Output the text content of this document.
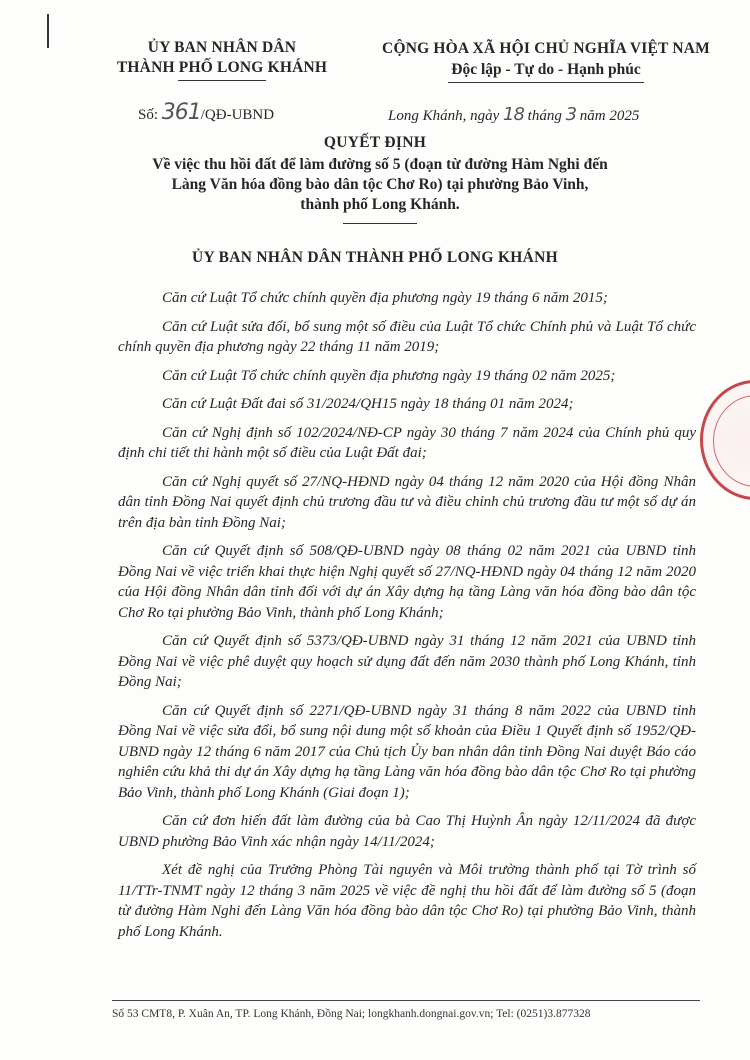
ỦY BAN NHÂN DÂN
THÀNH PHỐ LONG KHÁNH
CỘNG HÒA XÃ HỘI CHỦ NGHĨA VIỆT NAM
Độc lập - Tự do - Hạnh phúc
Số: 361/QĐ-UBND	Long Khánh, ngày 18 tháng 3 năm 2025
QUYẾT ĐỊNH
Về việc thu hồi đất để làm đường số 5 (đoạn từ đường Hàm Nghi đến
Làng Văn hóa đồng bào dân tộc Chơ Ro) tại phường Bảo Vinh,
thành phố Long Khánh.
ỦY BAN NHÂN DÂN THÀNH PHỐ LONG KHÁNH

Căn cứ Luật Tổ chức chính quyền địa phương ngày 19 tháng 6 năm 2015;

Căn cứ Luật sửa đổi, bổ sung một số điều của Luật Tổ chức Chính phủ và Luật Tổ chức chính quyền địa phương ngày 22 tháng 11 năm 2019;

Căn cứ Luật Tổ chức chính quyền địa phương ngày 19 tháng 02 năm 2025;

Căn cứ Luật Đất đai số 31/2024/QH15 ngày 18 tháng 01 năm 2024;

Căn cứ Nghị định số 102/2024/NĐ-CP ngày 30 tháng 7 năm 2024 của Chính phủ quy định chi tiết thi hành một số điều của Luật Đất đai;

Căn cứ Nghị quyết số 27/NQ-HĐND ngày 04 tháng 12 năm 2020 của Hội đồng Nhân dân tỉnh Đồng Nai quyết định chủ trương đầu tư và điều chỉnh chủ trương đầu tư một số dự án trên địa bàn tỉnh Đồng Nai;

Căn cứ Quyết định số 508/QĐ-UBND ngày 08 tháng 02 năm 2021 của UBND tỉnh Đồng Nai về việc triển khai thực hiện Nghị quyết số 27/NQ-HĐND ngày 04 tháng 12 năm 2020 của Hội đồng Nhân dân tỉnh đối với dự án Xây dựng hạ tầng Làng văn hóa đồng bào dân tộc Chơ Ro tại phường Bảo Vinh, thành phố Long Khánh;

Căn cứ Quyết định số 5373/QĐ-UBND ngày 31 tháng 12 năm 2021 của UBND tỉnh Đồng Nai về việc phê duyệt quy hoạch sử dụng đất đến năm 2030 thành phố Long Khánh, tỉnh Đồng Nai;

Căn cứ Quyết định số 2271/QĐ-UBND ngày 31 tháng 8 năm 2022 của UBND tỉnh Đồng Nai về việc sửa đổi, bổ sung nội dung một số khoản của Điều 1 Quyết định số 1952/QĐ-UBND ngày 12 tháng 6 năm 2017 của Chủ tịch Ủy ban nhân dân tỉnh Đồng Nai duyệt Báo cáo nghiên cứu khả thi dự án Xây dựng hạ tầng Làng văn hóa đồng bào dân tộc Chơ Ro tại phường Bảo Vinh, thành phố Long Khánh (Giai đoạn 1);

Căn cứ đơn hiến đất làm đường của bà Cao Thị Huỳnh Ân ngày 12/11/2024 đã được UBND phường Bảo Vinh xác nhận ngày 14/11/2024;

Xét đề nghị của Trưởng Phòng Tài nguyên và Môi trường thành phố tại Tờ trình số 11/TTr-TNMT ngày 12 tháng 3 năm 2025 về việc đề nghị thu hồi đất để làm đường số 5 (đoạn từ đường Hàm Nghi đến Làng Văn hóa đồng bào dân tộc Chơ Ro) tại phường Bảo Vinh, thành phố Long Khánh.

Số 53 CMT8, P. Xuân An, TP. Long Khánh, Đồng Nai; longkhanh.dongnai.gov.vn; Tel: (0251)3.877328
